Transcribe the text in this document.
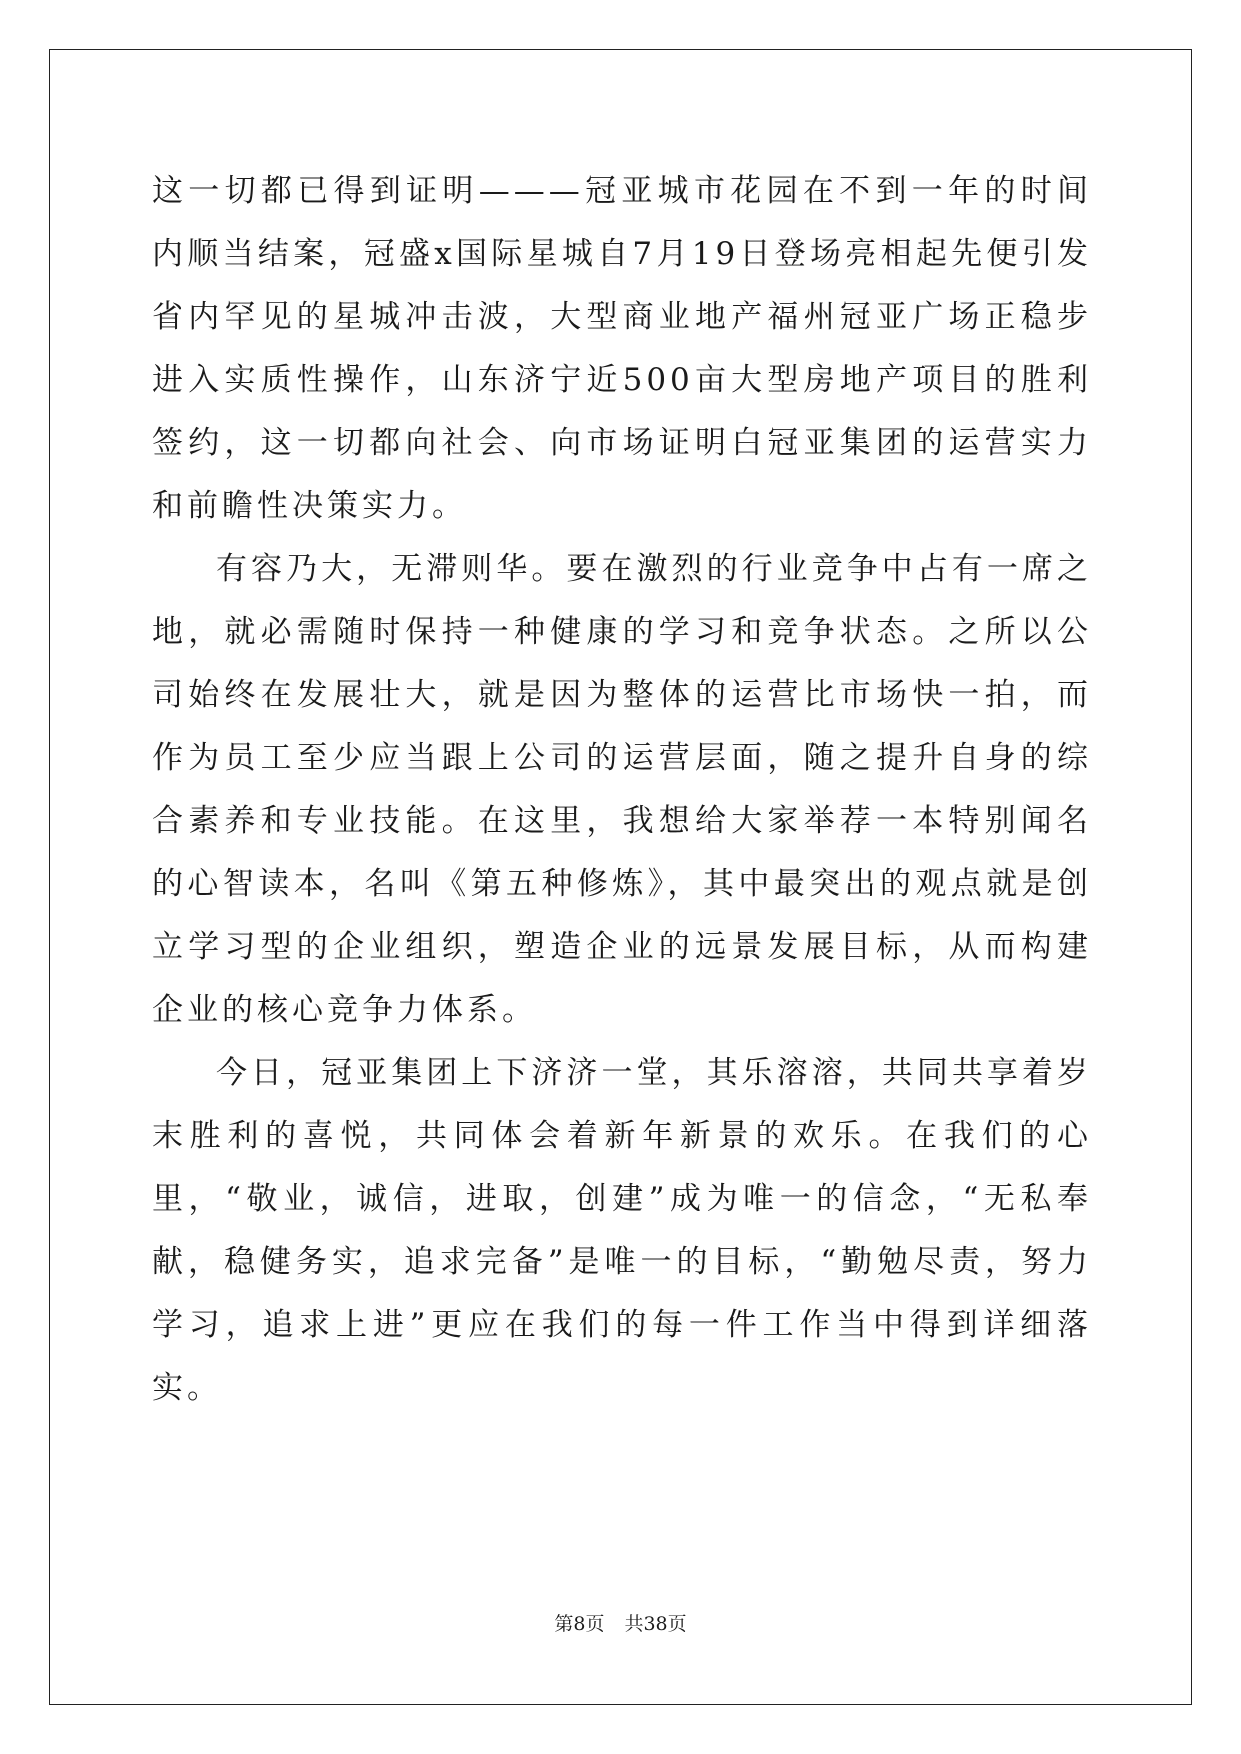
这一切都已得到证明———冠亚城市花园在不到一年的时间内顺当结案，冠盛x国际星城自7月19日登场亮相起先便引发省内罕见的星城冲击波，大型商业地产福州冠亚广场正稳步进入实质性操作，山东济宁近500亩大型房地产项目的胜利签约，这一切都向社会、向市场证明白冠亚集团的运营实力和前瞻性决策实力。

有容乃大，无滞则华。要在激烈的行业竞争中占有一席之地，就必需随时保持一种健康的学习和竞争状态。之所以公司始终在发展壮大，就是因为整体的运营比市场快一拍，而作为员工至少应当跟上公司的运营层面，随之提升自身的综合素养和专业技能。在这里，我想给大家举荐一本特别闻名的心智读本，名叫《第五种修炼》，其中最突出的观点就是创立学习型的企业组织，塑造企业的远景发展目标，从而构建企业的核心竞争力体系。

今日，冠亚集团上下济济一堂，其乐溶溶，共同共享着岁末胜利的喜悦，共同体会着新年新景的欢乐。在我们的心里，“敬业，诚信，进取，创建”成为唯一的信念，“无私奉献，稳健务实，追求完备”是唯一的目标，“勤勉尽责，努力学习，追求上进”更应在我们的每一件工作当中得到详细落实。

第8页 共38页
